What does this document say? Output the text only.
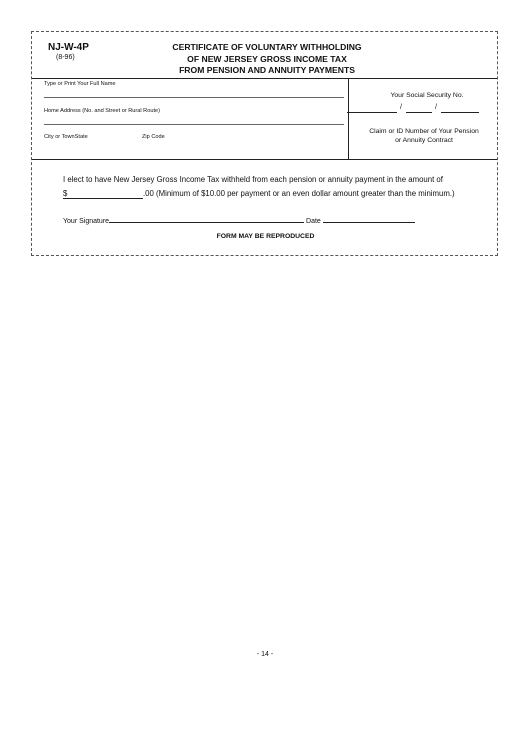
NJ-W-4P
(8-96)
CERTIFICATE OF VOLUNTARY WITHHOLDING
OF NEW JERSEY GROSS INCOME TAX
FROM PENSION AND ANNUITY PAYMENTS
Type or Print Your Full Name
Home Address (No. and Street or Rural Route)
City or TownState	Zip Code
Your Social Security No.
/	/
Claim or ID Number of Your Pension
or Annuity Contract
I elect to have New Jersey Gross Income Tax withheld from each pension or annuity payment in the amount of
$	.00 (Minimum of $10.00 per payment or an even dollar amount greater than the minimum.)
Your Signature	Date
FORM MAY BE REPRODUCED
- 14 -
